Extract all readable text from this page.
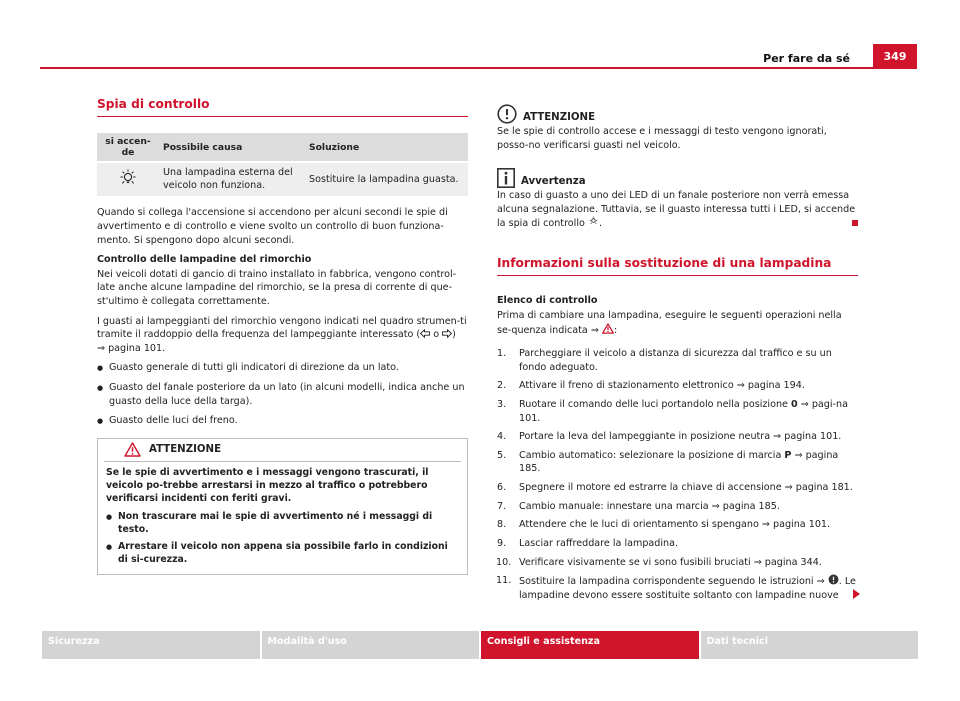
Per fare da sé	349
Spia di controllo
si accen-de	Possibile causa	Soluzione
	Una lampadina esterna del veicolo non funziona.	Sostituire la lampadina guasta.

Quando si collega l'accensione si accendono per alcuni secondi le spie di avvertimento e di controllo e viene svolto un controllo di buon funziona-mento. Si spengono dopo alcuni secondi.

Controllo delle lampadine del rimorchio

Nei veicoli dotati di gancio di traino installato in fabbrica, vengono control-late anche alcune lampadine del rimorchio, se la presa di corrente di que-st'ultimo è collegata correttamente.

I guasti ai lampeggianti del rimorchio vengono indicati nel quadro strumen-ti tramite il raddoppio della frequenza del lampeggiante interessato ( o )
⇒ pagina 101.

● Guasto generale di tutti gli indicatori di direzione da un lato.
● Guasto del fanale posteriore da un lato (in alcuni modelli, indica anche un guasto della luce della targa).
● Guasto delle luci del freno.
ATTENZIONE

Se le spie di avvertimento e i messaggi vengono trascurati, il veicolo po-trebbe arrestarsi in mezzo al traffico o potrebbero verificarsi incidenti con feriti gravi.

● Non trascurare mai le spie di avvertimento né i messaggi di testo.
● Arrestare il veicolo non appena sia possibile farlo in condizioni di si-curezza.
ATTENZIONE

Se le spie di controllo accese e i messaggi di testo vengono ignorati, posso-no verificarsi guasti nel veicolo.

Avvertenza

In caso di guasto a uno dei LED di un fanale posteriore non verrà emessa alcuna segnalazione. Tuttavia, se il guasto interessa tutti i LED, si accende la spia di controllo .

Informazioni sulla sostituzione di una lampadina

Elenco di controllo

Prima di cambiare una lampadina, eseguire le seguenti operazioni nella se-quenza indicata ⇒ :

1. Parcheggiare il veicolo a distanza di sicurezza dal traffico e su un fondo adeguato.
2. Attivare il freno di stazionamento elettronico ⇒ pagina 194.
3. Ruotare il comando delle luci portandolo nella posizione 0 ⇒ pagi-na 101.
4. Portare la leva del lampeggiante in posizione neutra ⇒ pagina 101.
5. Cambio automatico: selezionare la posizione di marcia P ⇒ pagina 185.
6. Spegnere il motore ed estrarre la chiave di accensione ⇒ pagina 181.
7. Cambio manuale: innestare una marcia ⇒ pagina 185.
8. Attendere che le luci di orientamento si spengano ⇒ pagina 101.
9. Lasciar raffreddare la lampadina.
10. Verificare visivamente se vi sono fusibili bruciati ⇒ pagina 344.
11. Sostituire la lampadina corrispondente seguendo le istruzioni ⇒ . Le lampadine devono essere sostituite soltanto con lampadine nuove
Sicurezza	Modalità d'uso	Consigli e assistenza	Dati tecnici
